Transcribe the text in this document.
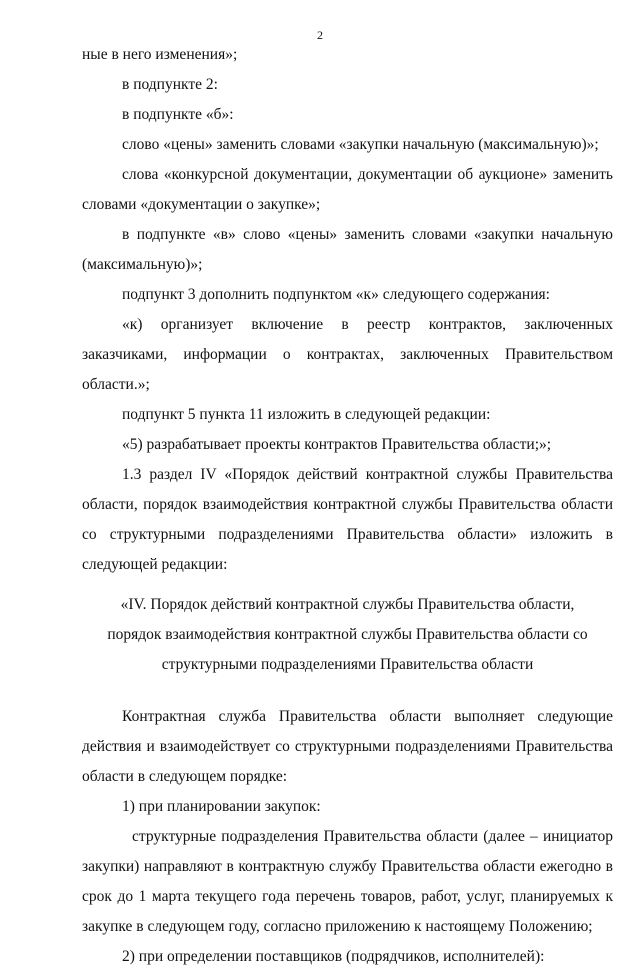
2

ные в него изменения»;

в подпункте 2:

в подпункте «б»:

слово «цены» заменить словами «закупки начальную (максимальную)»;

слова «конкурсной документации, документации об аукционе» заменить словами «документации о закупке»;

в подпункте «в» слово «цены» заменить словами «закупки начальную (максимальную)»;

подпункт 3 дополнить подпунктом «к» следующего содержания:

«к) организует включение в реестр контрактов, заключенных заказчиками, информации о контрактах, заключенных Правительством области.»;

подпункт 5 пункта 11 изложить в следующей редакции:

«5) разрабатывает проекты контрактов Правительства области;»;

1.3 раздел IV «Порядок действий контрактной службы Правительства области, порядок взаимодействия контрактной службы Правительства области со структурными подразделениями Правительства области» изложить в следующей редакции:

«IV. Порядок действий контрактной службы Правительства области,

порядок взаимодействия контрактной службы Правительства области со

структурными подразделениями Правительства области

Контрактная служба Правительства области выполняет следующие действия и взаимодействует со структурными подразделениями Правительства области в следующем порядке:

1) при планировании закупок:

структурные подразделения Правительства области (далее – инициатор закупки) направляют в контрактную службу Правительства области ежегодно в срок до 1 марта текущего года перечень товаров, работ, услуг, планируемых к закупке в следующем году, согласно приложению к настоящему Положению;

2) при определении поставщиков (подрядчиков, исполнителей):
